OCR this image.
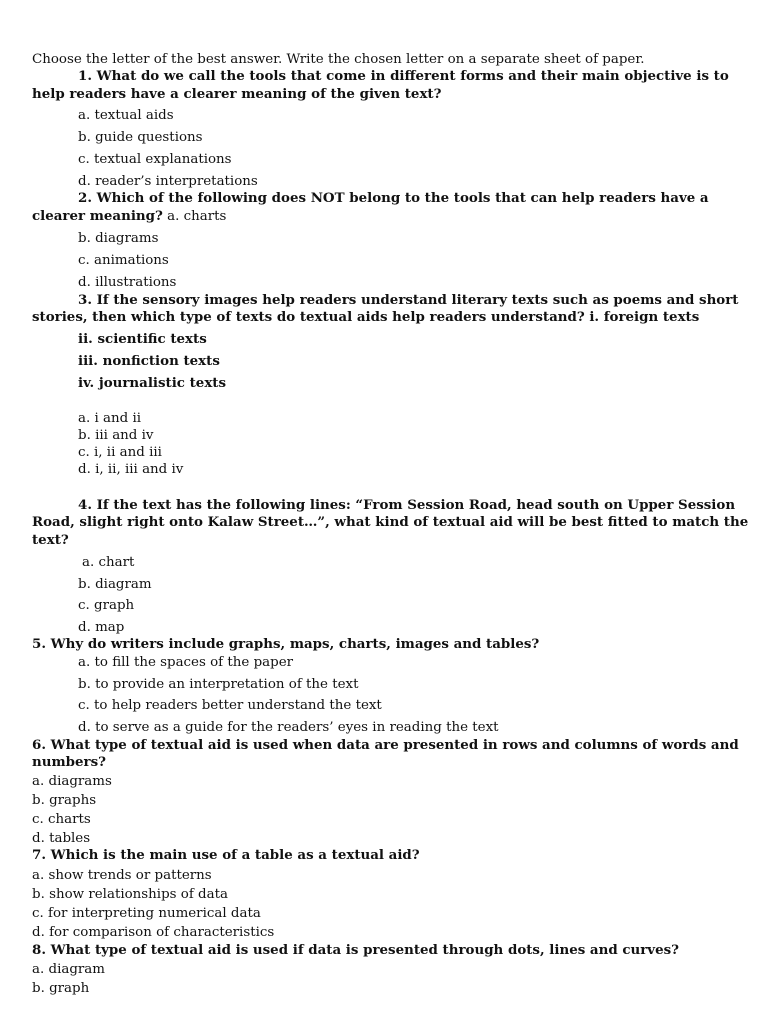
Choose the letter of the best answer. Write the chosen letter on a separate sheet of paper.
1. What do we call the tools that come in different forms and their main objective is to
help readers have a clearer meaning of the given text?
a. textual aids
b. guide questions
c. textual explanations
d. reader’s interpretations
2. Which of the following does NOT belong to the tools that can help readers have a
clearer meaning? a. charts
b. diagrams
c. animations
d. illustrations
3. If the sensory images help readers understand literary texts such as poems and short
stories, then which type of texts do textual aids help readers understand? i. foreign texts
ii. scientific texts
iii. nonfiction texts
iv. journalistic texts
a. i and ii
b. iii and iv
c. i, ii and iii
d. i, ii, iii and iv
4. If the text has the following lines: “From Session Road, head south on Upper Session
Road, slight right onto Kalaw Street…”, what kind of textual aid will be best fitted to match the
text?
a. chart
b. diagram
c. graph
d. map
5. Why do writers include graphs, maps, charts, images and tables?
a. to fill the spaces of the paper
b. to provide an interpretation of the text
c. to help readers better understand the text
d. to serve as a guide for the readers’ eyes in reading the text
6. What type of textual aid is used when data are presented in rows and columns of words and
numbers?
a. diagrams
b. graphs
c. charts
d. tables
7. Which is the main use of a table as a textual aid?
a. show trends or patterns
b. show relationships of data
c. for interpreting numerical data
d. for comparison of characteristics
8. What type of textual aid is used if data is presented through dots, lines and curves?
a. diagram
b. graph
